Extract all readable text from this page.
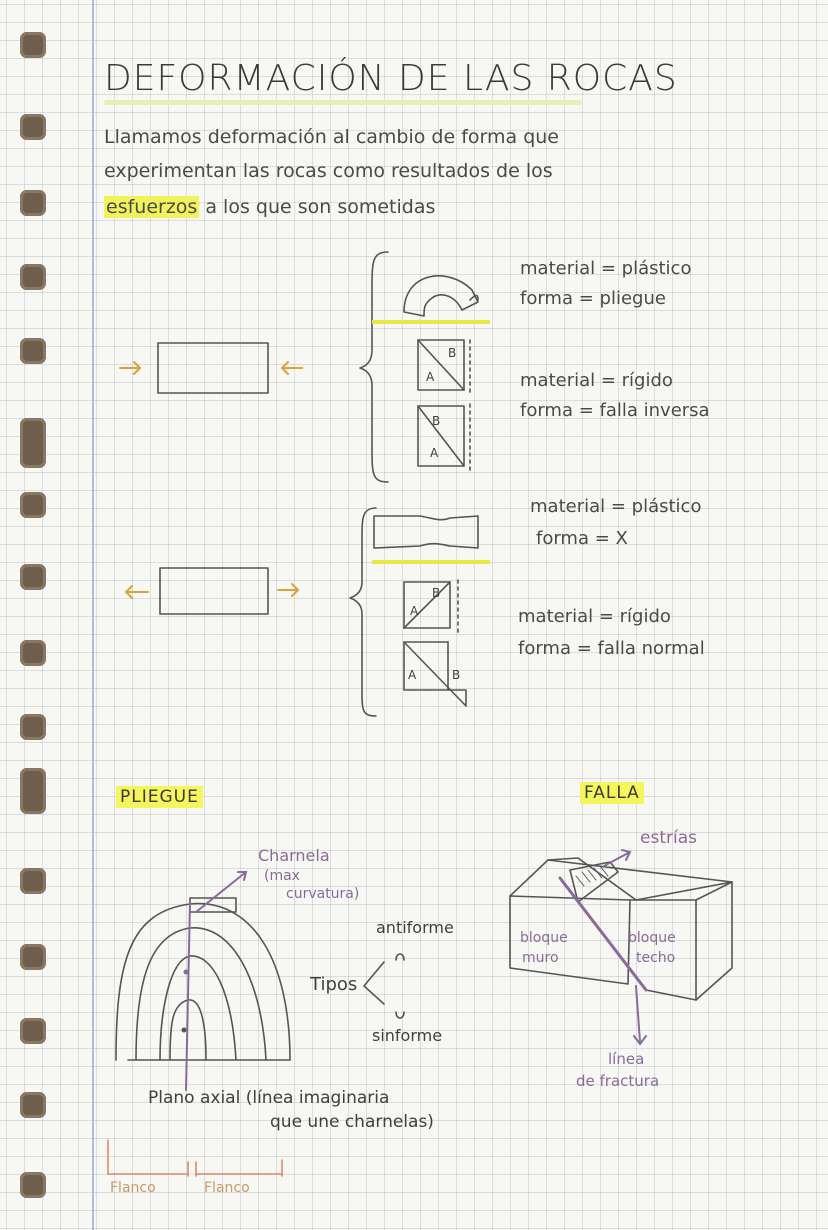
DEFORMACIÓN DE LAS ROCAS
Llamamos deformación al cambio de forma que
experimentan las rocas como resultados de los
esfuerzos a los que son sometidas
A
B
B
A
A
B
A	B
material = plástico
forma = pliegue
material = rígido
forma = falla inversa
material = plástico
forma = X
material = rígido
forma = falla normal
PLIEGUE
Charnela
(max
curvatura)
Tipos
antiforme
sinforme
Plano axial (línea imaginaria
que une charnelas)
Flanco	Flanco
FALLA
estrías
bloque
muro
bloque
techo
línea
de fractura
